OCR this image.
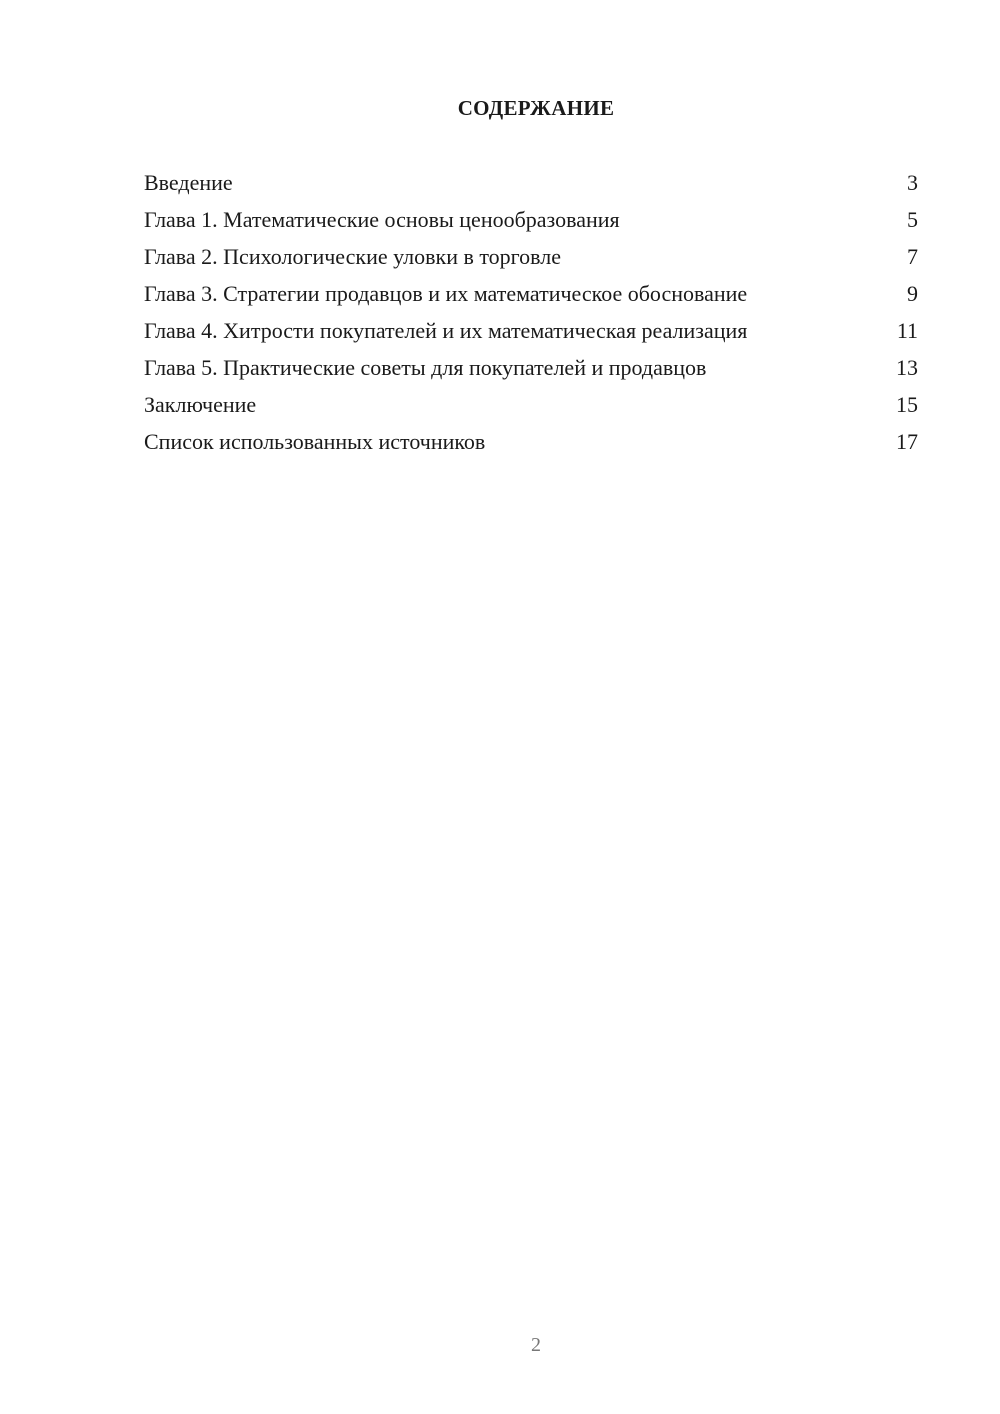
СОДЕРЖАНИЕ
Введение	3
Глава 1. Математические основы ценообразования	5
Глава 2. Психологические уловки в торговле	7
Глава 3. Стратегии продавцов и их математическое обоснование	9
Глава 4. Хитрости покупателей и их математическая реализация	11
Глава 5. Практические советы для покупателей и продавцов	13
Заключение	15
Список использованных источников	17
2
